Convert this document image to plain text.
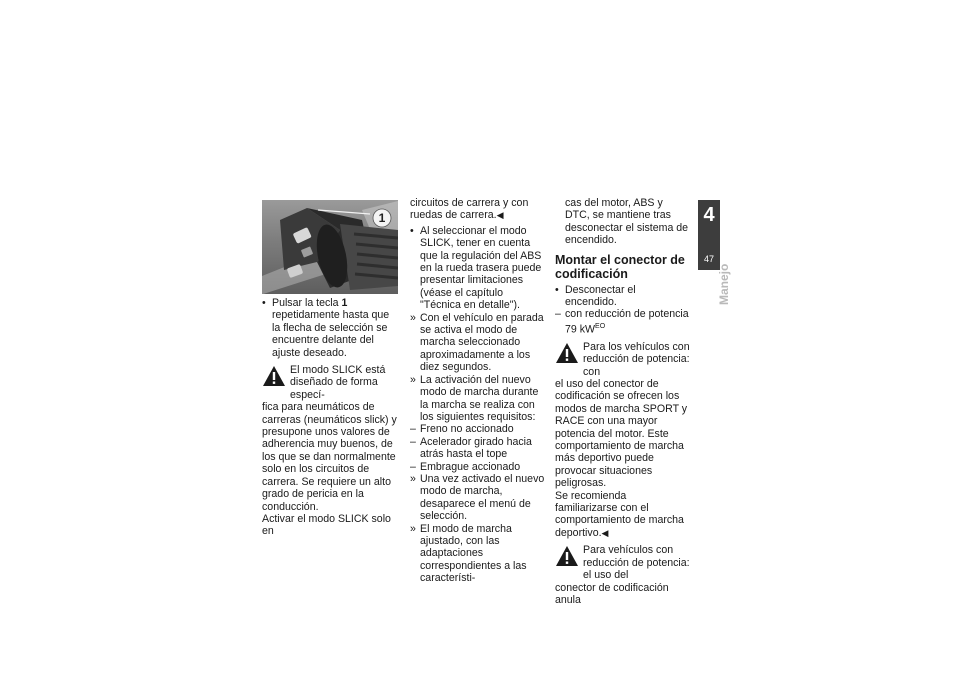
1
• Pulsar la tecla 1 repetidamente hasta que la flecha de selección se encuentre delante del ajuste deseado.

El modo SLICK está diseñado de forma especí-

fica para neumáticos de carreras (neumáticos slick) y presupone unos valores de adherencia muy buenos, de los que se dan normalmente solo en los circuitos de carrera. Se requiere un alto grado de pericia en la conducción.

Activar el modo SLICK solo en

circuitos de carrera y con ruedas de carrera.◀

• Al seleccionar el modo SLICK, tener en cuenta que la regulación del ABS en la rueda trasera puede presentar limitaciones (véase el capítulo "Técnica en detalle").
» Con el vehículo en parada se activa el modo de marcha seleccionado aproximadamente a los diez segundos.
» La activación del nuevo modo de marcha durante la marcha se realiza con los siguientes requisitos:
– Freno no accionado
– Acelerador girado hacia atrás hasta el tope
– Embrague accionado
» Una vez activado el nuevo modo de marcha, desaparece el menú de selección.
» El modo de marcha ajustado, con las adaptaciones correspondientes a las característi-

cas del motor, ABS y DTC, se mantiene tras desconectar el sistema de encendido.

Montar el conector de codificación
• Desconectar el encendido.
– con reducción de potencia 79 $kW^{EO}$

Para los vehículos con reducción de potencia: con

el uso del conector de codificación se ofrecen los modos de marcha SPORT y RACE con una mayor potencia del motor. Este comportamiento de marcha más deportivo puede provocar situaciones peligrosas.

Se recomienda familiarizarse con el comportamiento de marcha deportivo.◀

Para vehículos con reducción de potencia: el uso del

conector de codificación anula

4
47
Manejo
